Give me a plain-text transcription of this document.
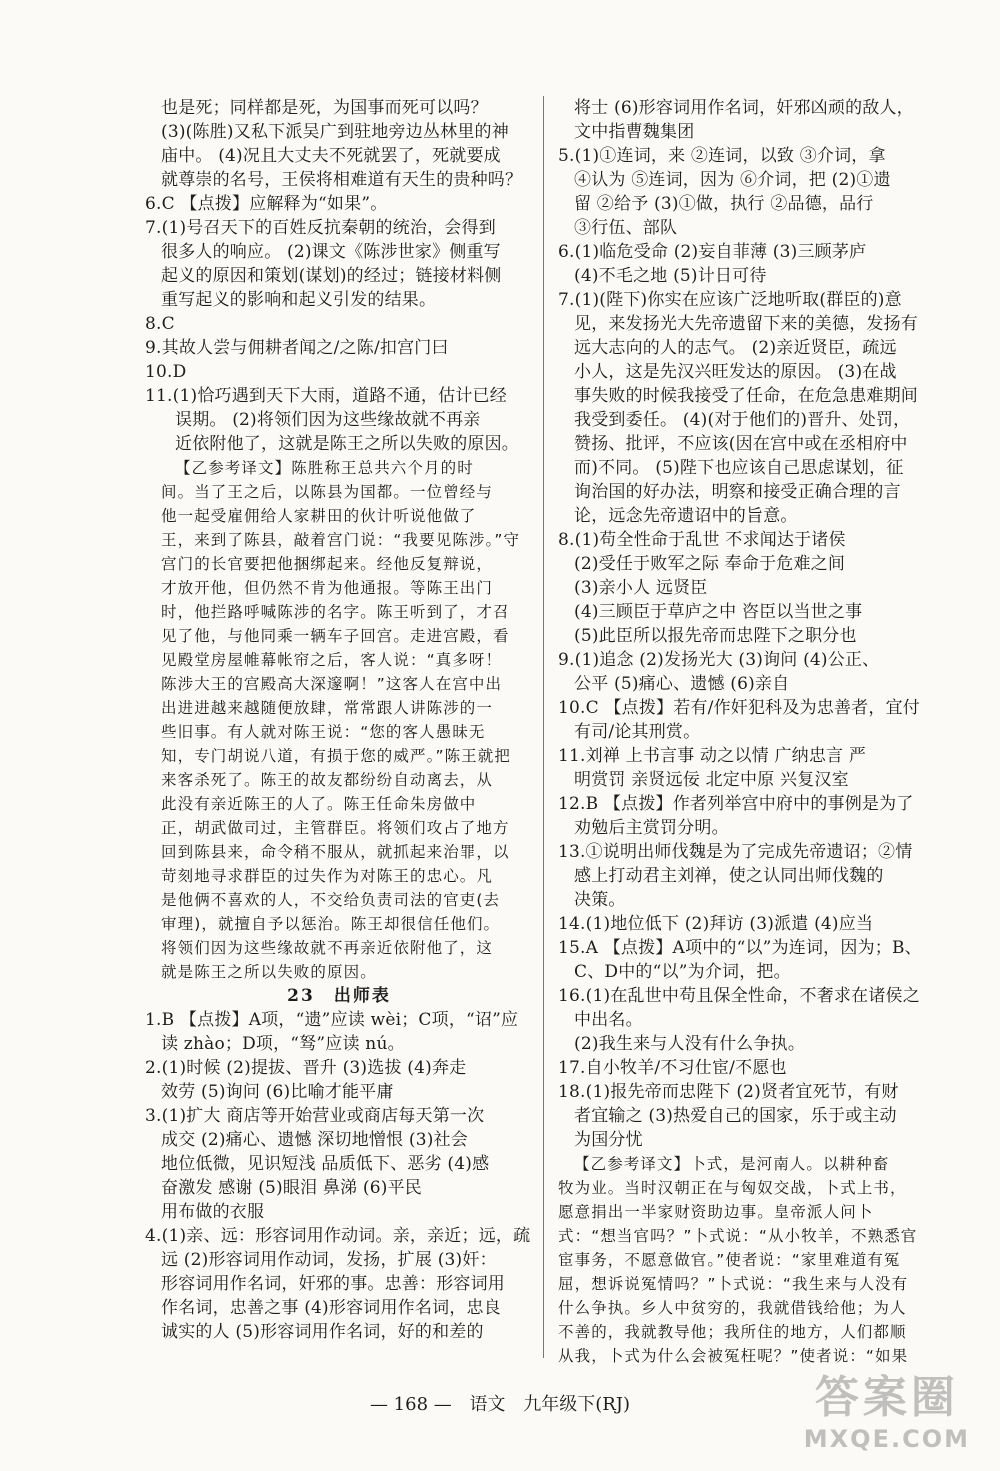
也是死；同样都是死，为国事而死可以吗？
(3)(陈胜)又私下派吴广到驻地旁边丛林里的神
庙中。 (4)况且大丈夫不死就罢了，死就要成
就尊崇的名号，王侯将相难道有天生的贵种吗？
6.C 【点拨】应解释为“如果”。
7.(1)号召天下的百姓反抗秦朝的统治，会得到
很多人的响应。 (2)课文《陈涉世家》侧重写
起义的原因和策划(谋划)的经过；链接材料侧
重写起义的影响和起义引发的结果。
8.C
9.其故人尝与佣耕者闻之/之陈/扣宫门曰
10.D
11.(1)恰巧遇到天下大雨，道路不通，估计已经
误期。 (2)将领们因为这些缘故就不再亲
近依附他了，这就是陈王之所以失败的原因。
【乙参考译文】陈胜称王总共六个月的时
间。当了王之后，以陈县为国都。一位曾经与
他一起受雇佣给人家耕田的伙计听说他做了
王，来到了陈县，敲着宫门说：“我要见陈涉。”守
宫门的长官要把他捆绑起来。经他反复辩说，
才放开他，但仍然不肯为他通报。等陈王出门
时，他拦路呼喊陈涉的名字。陈王听到了，才召
见了他，与他同乘一辆车子回宫。走进宫殿，看
见殿堂房屋帷幕帐帘之后，客人说：“真多呀！
陈涉大王的宫殿高大深邃啊！”这客人在宫中出
出进进越来越随便放肆，常常跟人讲陈涉的一
些旧事。有人就对陈王说：“您的客人愚昧无
知，专门胡说八道，有损于您的威严。”陈王就把
来客杀死了。陈王的故友都纷纷自动离去，从
此没有亲近陈王的人了。陈王任命朱房做中
正，胡武做司过，主管群臣。将领们攻占了地方
回到陈县来，命令稍不服从，就抓起来治罪，以
苛刻地寻求群臣的过失作为对陈王的忠心。凡
是他俩不喜欢的人，不交给负责司法的官吏(去
审理)，就擅自予以惩治。陈王却很信任他们。
将领们因为这些缘故就不再亲近依附他了，这
就是陈王之所以失败的原因。
23　出师表
1.B 【点拨】A项，“遗”应读 wèi；C项，“诏”应
读 zhào；D项，“驽”应读 nú。
2.(1)时候 (2)提拔、晋升 (3)选拔 (4)奔走
效劳 (5)询问 (6)比喻才能平庸
3.(1)扩大 商店等开始营业或商店每天第一次
成交 (2)痛心、遗憾 深切地憎恨 (3)社会
地位低微，见识短浅 品质低下、恶劣 (4)感
奋激发 感谢 (5)眼泪 鼻涕 (6)平民
用布做的衣服
4.(1)亲、远：形容词用作动词。亲，亲近；远，疏
远 (2)形容词用作动词，发扬，扩展 (3)奸：
形容词用作名词，奸邪的事。忠善：形容词用
作名词，忠善之事 (4)形容词用作名词，忠良
诚实的人 (5)形容词用作名词，好的和差的
将士 (6)形容词用作名词，奸邪凶顽的敌人，
文中指曹魏集团
5.(1)①连词，来 ②连词，以致 ③介词，拿
④认为 ⑤连词，因为 ⑥介词，把 (2)①遗
留 ②给予 (3)①做，执行 ②品德，品行
③行伍、部队
6.(1)临危受命 (2)妄自菲薄 (3)三顾茅庐
(4)不毛之地 (5)计日可待
7.(1)(陛下)你实在应该广泛地听取(群臣的)意
见，来发扬光大先帝遗留下来的美德，发扬有
远大志向的人的志气。 (2)亲近贤臣，疏远
小人，这是先汉兴旺发达的原因。 (3)在战
事失败的时候我接受了任命，在危急患难期间
我受到委任。 (4)(对于他们的)晋升、处罚，
赞扬、批评，不应该(因在宫中或在丞相府中
而)不同。 (5)陛下也应该自己思虑谋划，征
询治国的好办法，明察和接受正确合理的言
论，远念先帝遗诏中的旨意。
8.(1)苟全性命于乱世 不求闻达于诸侯
(2)受任于败军之际 奉命于危难之间
(3)亲小人 远贤臣
(4)三顾臣于草庐之中 咨臣以当世之事
(5)此臣所以报先帝而忠陛下之职分也
9.(1)追念 (2)发扬光大 (3)询问 (4)公正、
公平 (5)痛心、遗憾 (6)亲自
10.C 【点拨】若有/作奸犯科及为忠善者，宜付
有司/论其刑赏。
11.刘禅 上书言事 动之以情 广纳忠言 严
明赏罚 亲贤远佞 北定中原 兴复汉室
12.B 【点拨】作者列举宫中府中的事例是为了
劝勉后主赏罚分明。
13.①说明出师伐魏是为了完成先帝遗诏；②情
感上打动君主刘禅，使之认同出师伐魏的
决策。
14.(1)地位低下 (2)拜访 (3)派遣 (4)应当
15.A 【点拨】A项中的“以”为连词，因为；B、
C、D中的“以”为介词，把。
16.(1)在乱世中苟且保全性命，不奢求在诸侯之
中出名。
(2)我生来与人没有什么争执。
17.自小牧羊/不习仕宦/不愿也
18.(1)报先帝而忠陛下 (2)贤者宜死节，有财
者宜输之 (3)热爱自己的国家，乐于或主动
为国分忧
【乙参考译文】卜式，是河南人。以耕种畜
牧为业。当时汉朝正在与匈奴交战，卜式上书，
愿意捐出一半家财资助边事。皇帝派人问卜
式：“想当官吗？”卜式说：“从小牧羊，不熟悉官
宦事务，不愿意做官。”使者说：“家里难道有冤
屈，想诉说冤情吗？”卜式说：“我生来与人没有
什么争执。乡人中贫穷的，我就借钱给他；为人
不善的，我就教导他；我所住的地方，人们都顺
从我，卜式为什么会被冤枉呢？”使者说：“如果
— 168 — 语文 九年级下(RJ)	答案圈
MXQE.COM
